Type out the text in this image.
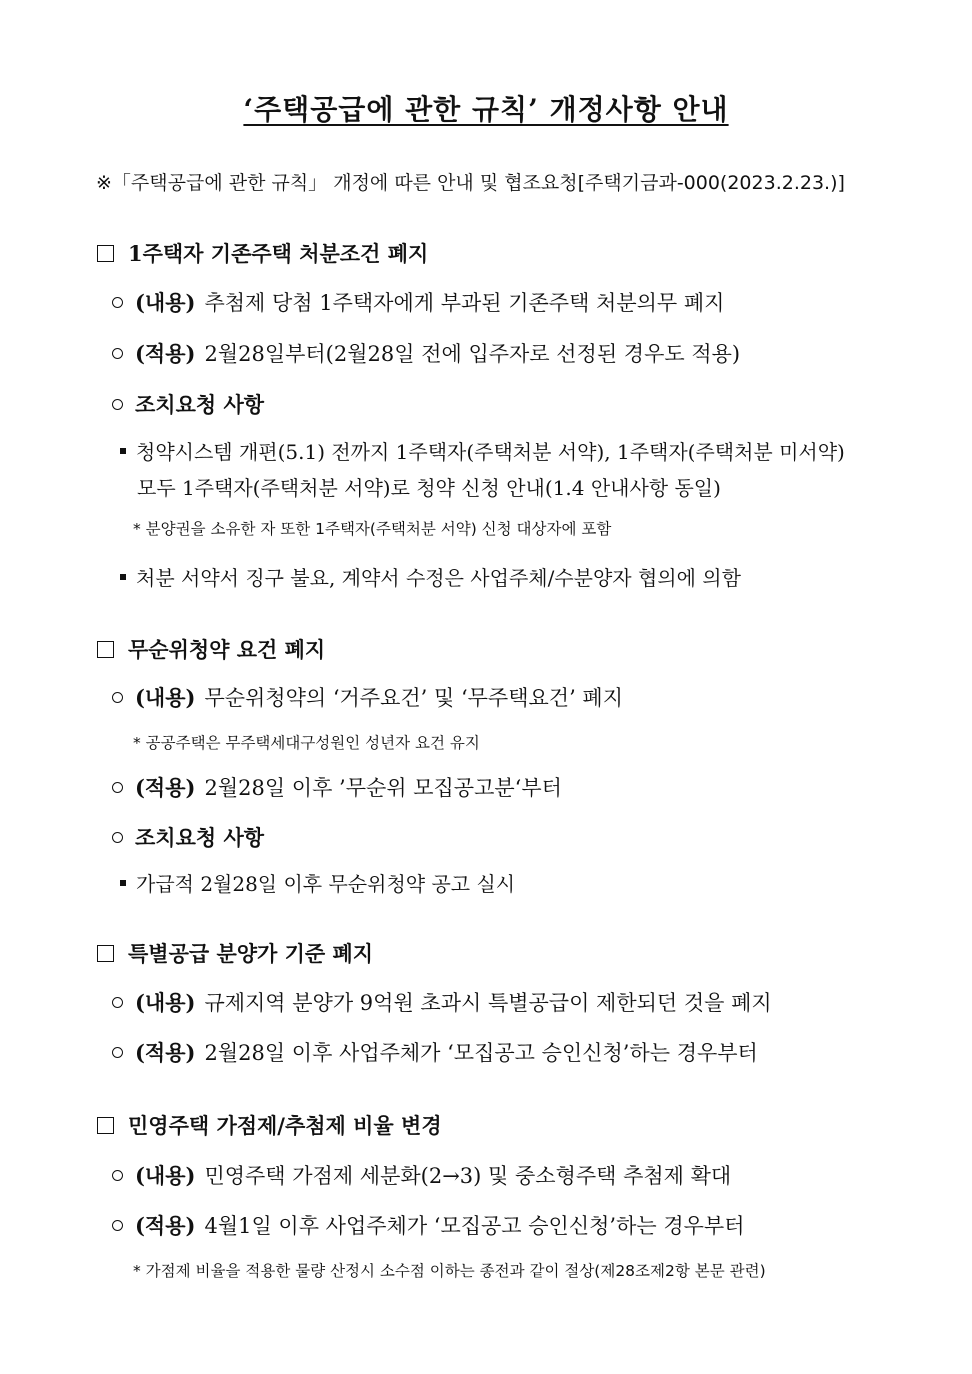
‘주택공급에 관한 규칙’ 개정사항 안내
※「주택공급에 관한 규칙」 개정에 따른 안내 및 협조요청[주택기금과-000(2023.2.23.)]
1주택자 기존주택 처분조건 폐지
(내용) 추첨제 당첨 1주택자에게 부과된 기존주택 처분의무 폐지
(적용) 2월28일부터(2월28일 전에 입주자로 선정된 경우도 적용)
조치요청 사항
청약시스템 개편(5.1) 전까지 1주택자(주택처분 서약), 1주택자(주택처분 미서약)
모두 1주택자(주택처분 서약)로 청약 신청 안내(1.4 안내사항 동일)
* 분양권을 소유한 자 또한 1주택자(주택처분 서약) 신청 대상자에 포함
처분 서약서 징구 불요, 계약서 수정은 사업주체/수분양자 협의에 의함
무순위청약 요건 폐지
(내용) 무순위청약의 ‘거주요건’ 및 ‘무주택요건’ 폐지
* 공공주택은 무주택세대구성원인 성년자 요건 유지
(적용) 2월28일 이후 ’무순위 모집공고분‘부터
조치요청 사항
가급적 2월28일 이후 무순위청약 공고 실시
특별공급 분양가 기준 폐지
(내용) 규제지역 분양가 9억원 초과시 특별공급이 제한되던 것을 폐지
(적용) 2월28일 이후 사업주체가 ‘모집공고 승인신청’하는 경우부터
민영주택 가점제/추첨제 비율 변경
(내용) 민영주택 가점제 세분화(2→3) 및 중소형주택 추첨제 확대
(적용) 4월1일 이후 사업주체가 ‘모집공고 승인신청’하는 경우부터
* 가점제 비율을 적용한 물량 산정시 소수점 이하는 종전과 같이 절상(제28조제2항 본문 관련)
